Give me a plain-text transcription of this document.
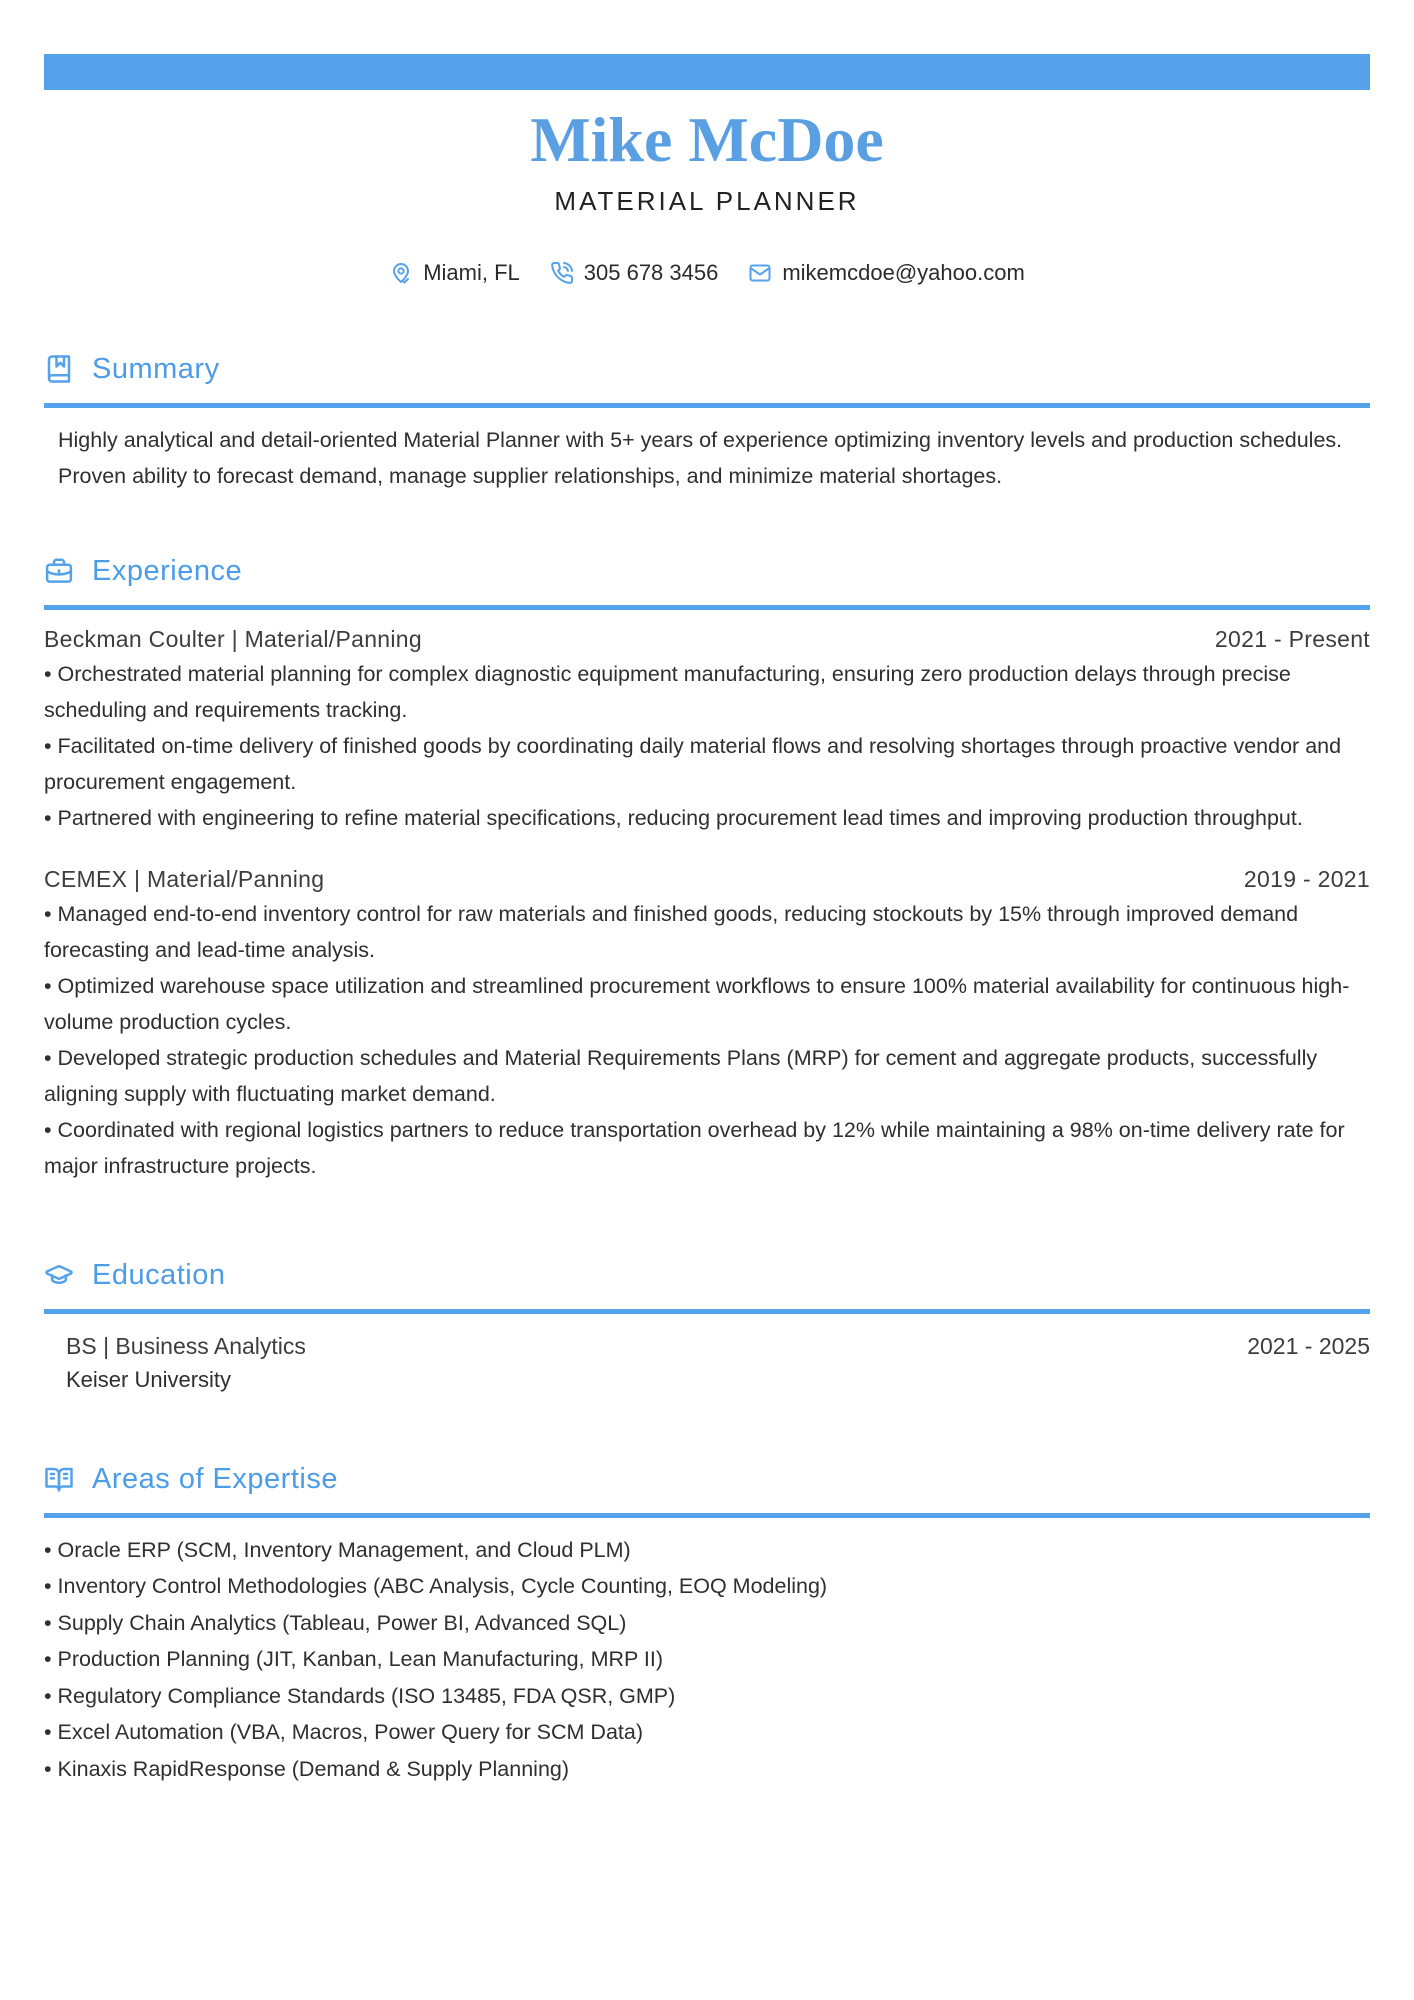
Mike McDoe
MATERIAL PLANNER
Miami, FL	305 678 3456	mikemcdoe@yahoo.com
Summary

Highly analytical and detail-oriented Material Planner with 5+ years of experience optimizing inventory levels and production schedules. Proven ability to forecast demand, manage supplier relationships, and minimize material shortages.

Experience
Beckman Coulter | Material/Panning	2021 - Present
• Orchestrated material planning for complex diagnostic equipment manufacturing, ensuring zero production delays through precise scheduling and requirements tracking.
• Facilitated on-time delivery of finished goods by coordinating daily material flows and resolving shortages through proactive vendor and procurement engagement.
• Partnered with engineering to refine material specifications, reducing procurement lead times and improving production throughput.
CEMEX | Material/Panning	2019 - 2021
• Managed end-to-end inventory control for raw materials and finished goods, reducing stockouts by 15% through improved demand forecasting and lead-time analysis.
• Optimized warehouse space utilization and streamlined procurement workflows to ensure 100% material availability for continuous high-volume production cycles.
• Developed strategic production schedules and Material Requirements Plans (MRP) for cement and aggregate products, successfully aligning supply with fluctuating market demand.
• Coordinated with regional logistics partners to reduce transportation overhead by 12% while maintaining a 98% on-time delivery rate for major infrastructure projects.
Education
BS | Business Analytics	2021 - 2025
Keiser University
Areas of Expertise
• Oracle ERP (SCM, Inventory Management, and Cloud PLM)
• Inventory Control Methodologies (ABC Analysis, Cycle Counting, EOQ Modeling)
• Supply Chain Analytics (Tableau, Power BI, Advanced SQL)
• Production Planning (JIT, Kanban, Lean Manufacturing, MRP II)
• Regulatory Compliance Standards (ISO 13485, FDA QSR, GMP)
• Excel Automation (VBA, Macros, Power Query for SCM Data)
• Kinaxis RapidResponse (Demand & Supply Planning)
